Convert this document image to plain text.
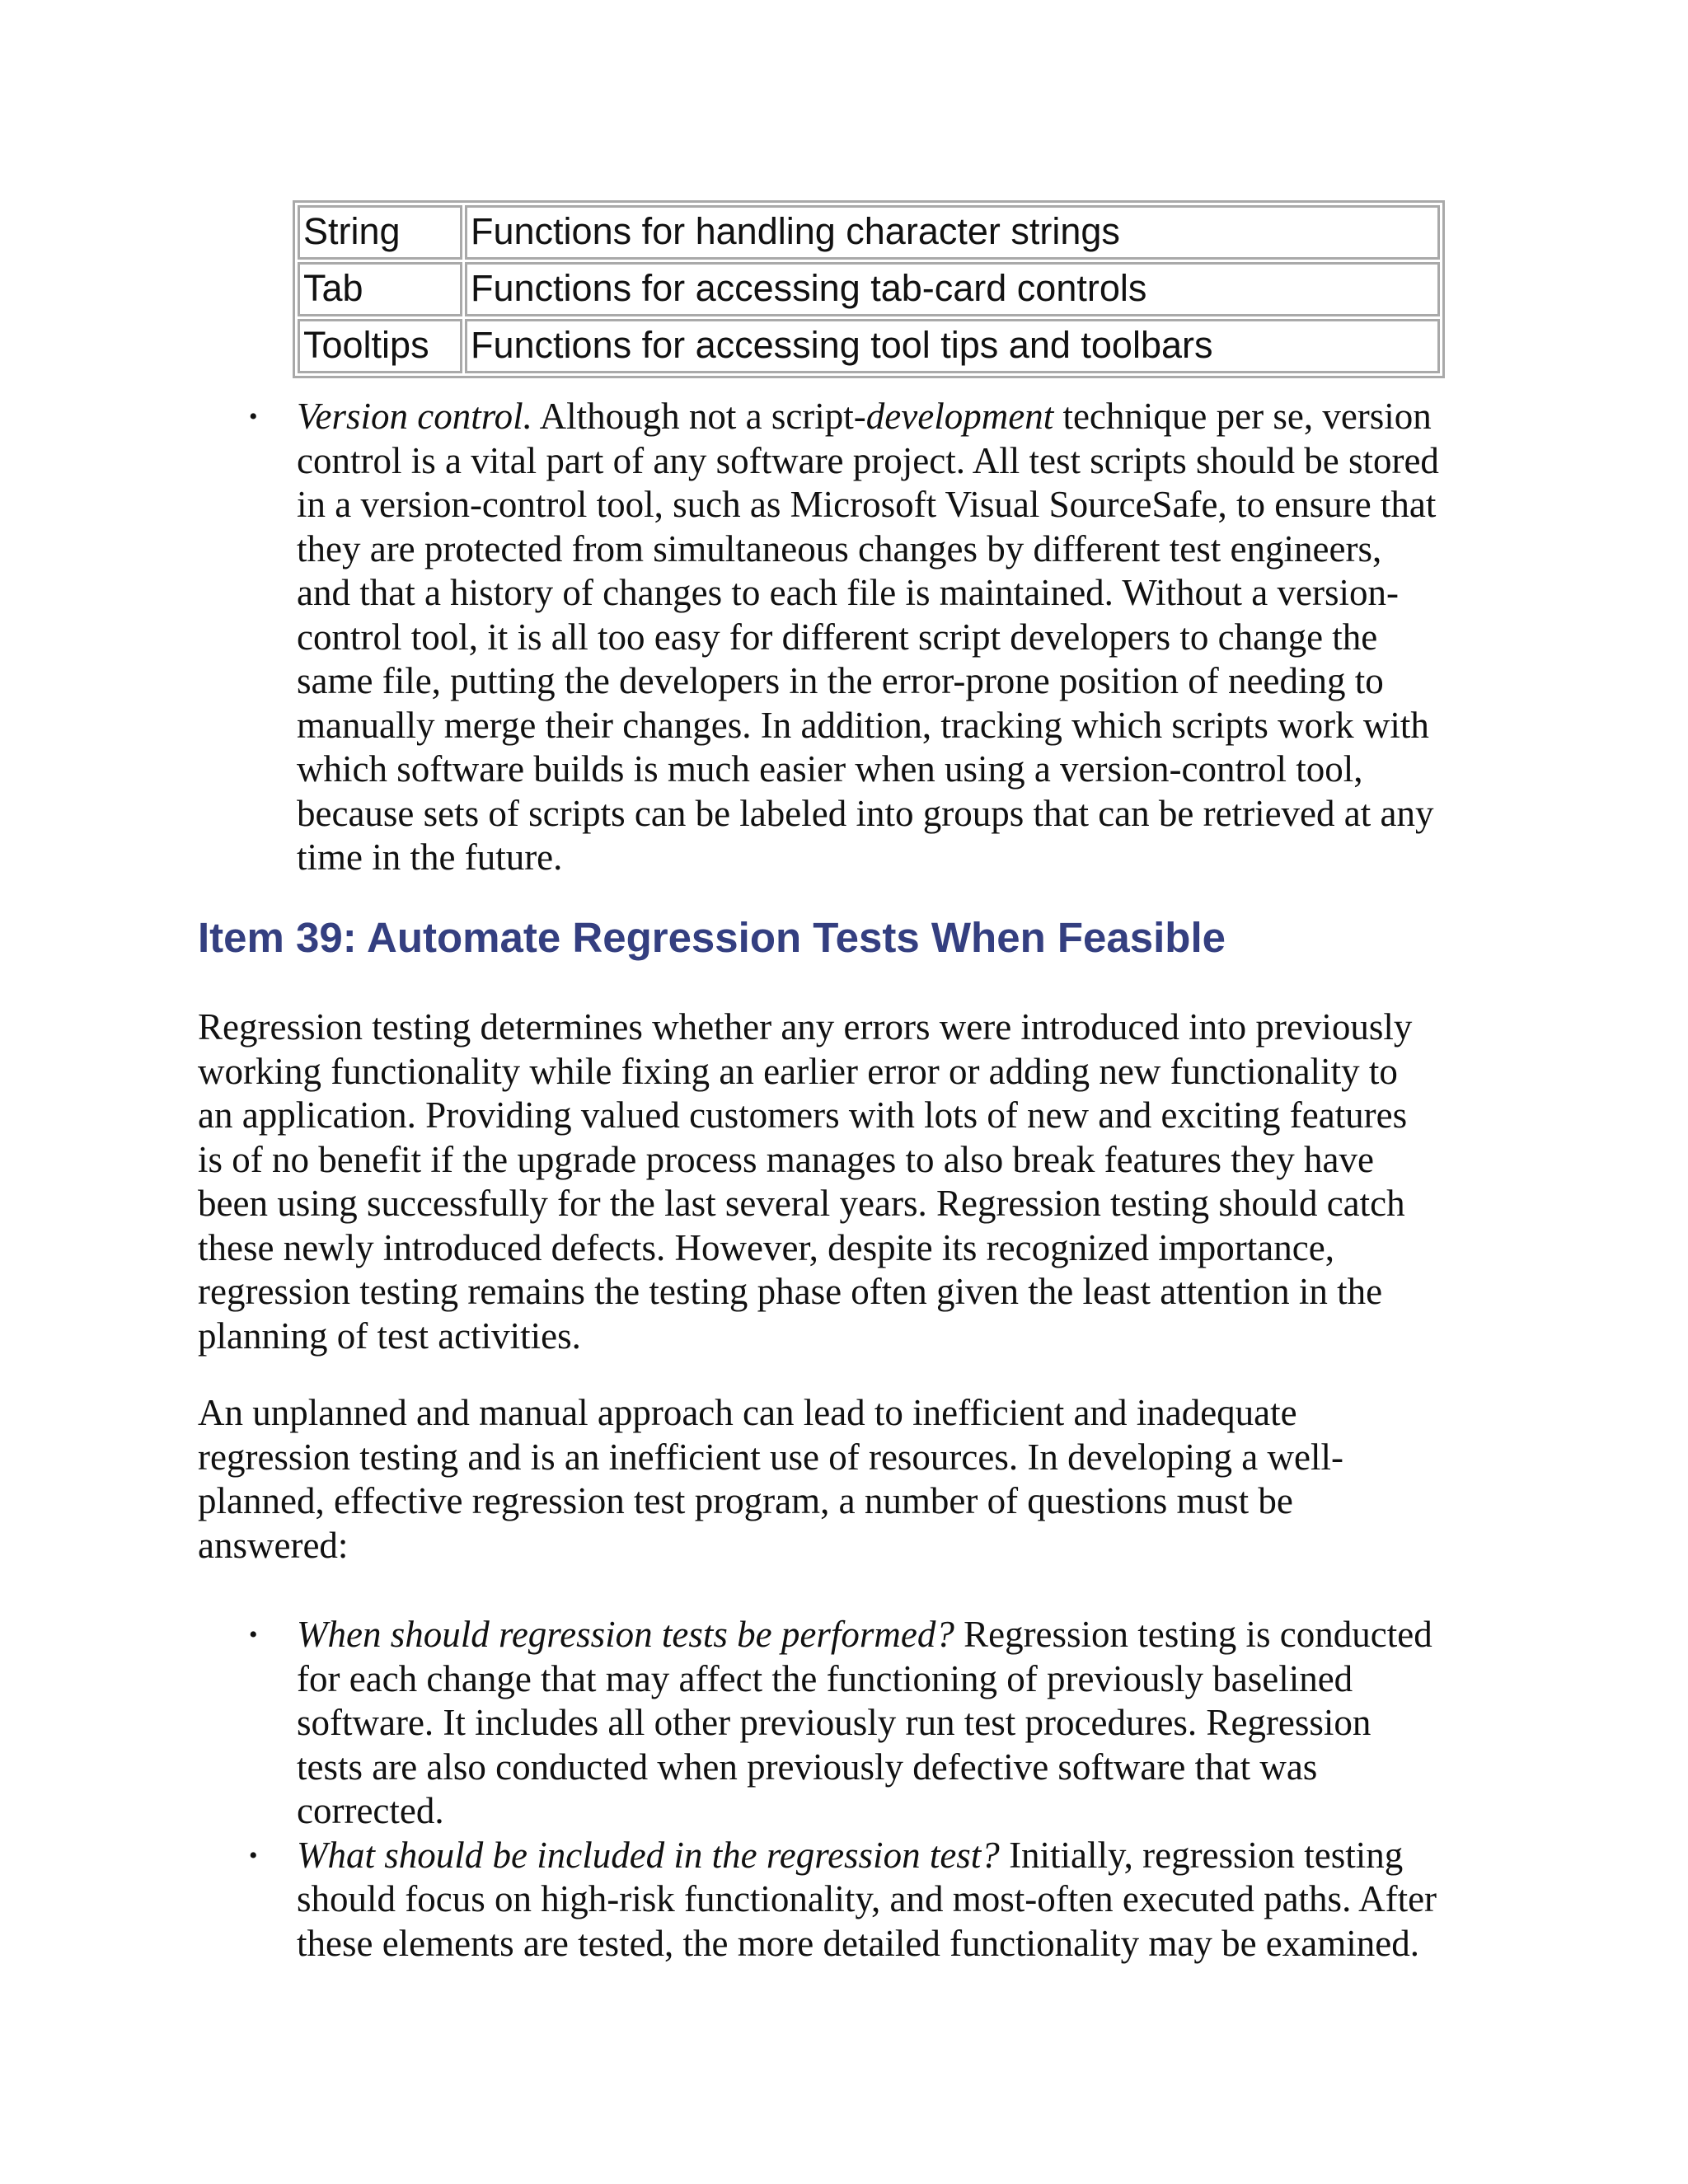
String	Functions for handling character strings
Tab	Functions for accessing tab-card controls
Tooltips	Functions for accessing tool tips and toolbars
• Version control. Although not a script-development technique per se, version
control is a vital part of any software project. All test scripts should be stored
in a version-control tool, such as Microsoft Visual SourceSafe, to ensure that
they are protected from simultaneous changes by different test engineers,
and that a history of changes to each file is maintained. Without a version-
control tool, it is all too easy for different script developers to change the
same file, putting the developers in the error-prone position of needing to
manually merge their changes. In addition, tracking which scripts work with
which software builds is much easier when using a version-control tool,
because sets of scripts can be labeled into groups that can be retrieved at any
time in the future.
Item 39: Automate Regression Tests When Feasible

Regression testing determines whether any errors were introduced into previously
working functionality while fixing an earlier error or adding new functionality to
an application. Providing valued customers with lots of new and exciting features
is of no benefit if the upgrade process manages to also break features they have
been using successfully for the last several years. Regression testing should catch
these newly introduced defects. However, despite its recognized importance,
regression testing remains the testing phase often given the least attention in the
planning of test activities.

An unplanned and manual approach can lead to inefficient and inadequate
regression testing and is an inefficient use of resources. In developing a well-
planned, effective regression test program, a number of questions must be
answered:

• When should regression tests be performed? Regression testing is conducted
for each change that may affect the functioning of previously baselined
software. It includes all other previously run test procedures. Regression
tests are also conducted when previously defective software that was
corrected.
• What should be included in the regression test? Initially, regression testing
should focus on high-risk functionality, and most-often executed paths. After
these elements are tested, the more detailed functionality may be examined.
